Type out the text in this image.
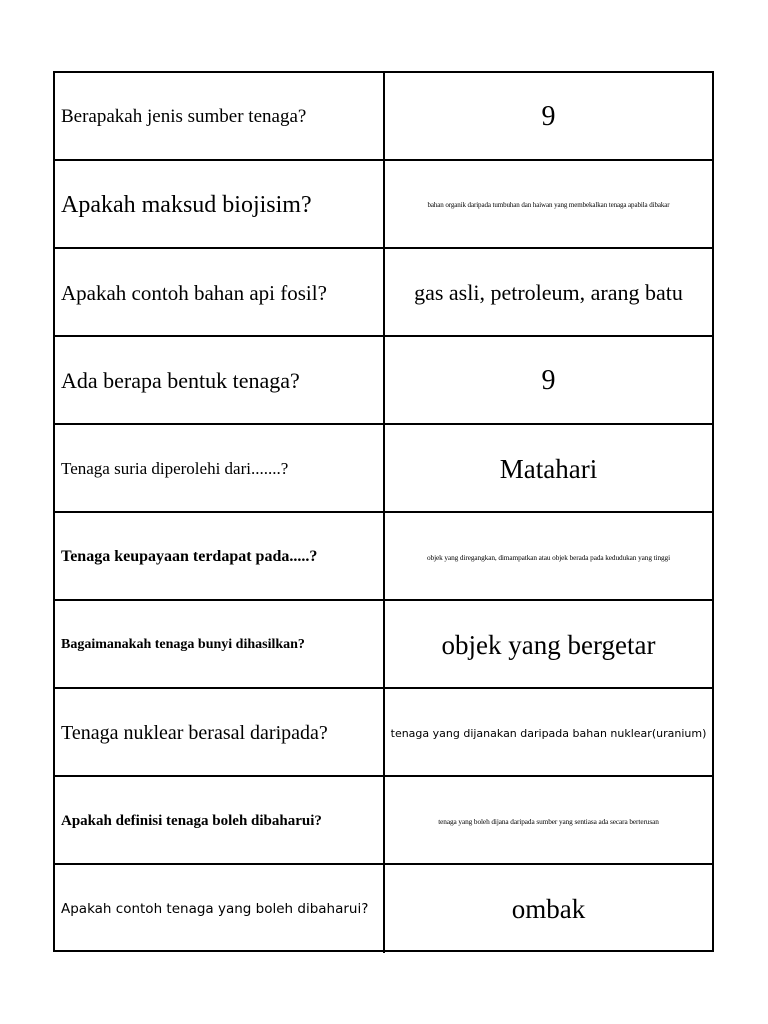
Berapakah jenis sumber tenaga?	9
Apakah maksud biojisim?	bahan organik daripada tumbuhan dan haiwan yang membekalkan tenaga apabila dibakar
Apakah contoh bahan api fosil?	gas asli, petroleum, arang batu
Ada berapa bentuk tenaga?	9
Tenaga suria diperolehi dari.......?	Matahari
Tenaga keupayaan terdapat pada.....?	objek yang diregangkan, dimampatkan atau objek berada pada kedudukan yang tinggi
Bagaimanakah tenaga bunyi dihasilkan?	objek yang bergetar
Tenaga nuklear berasal daripada?	tenaga yang dijanakan daripada bahan nuklear(uranium)
Apakah definisi tenaga boleh dibaharui?	tenaga yang boleh dijana daripada sumber yang sentiasa ada secara berterusan
Apakah contoh tenaga yang boleh dibaharui?	ombak
